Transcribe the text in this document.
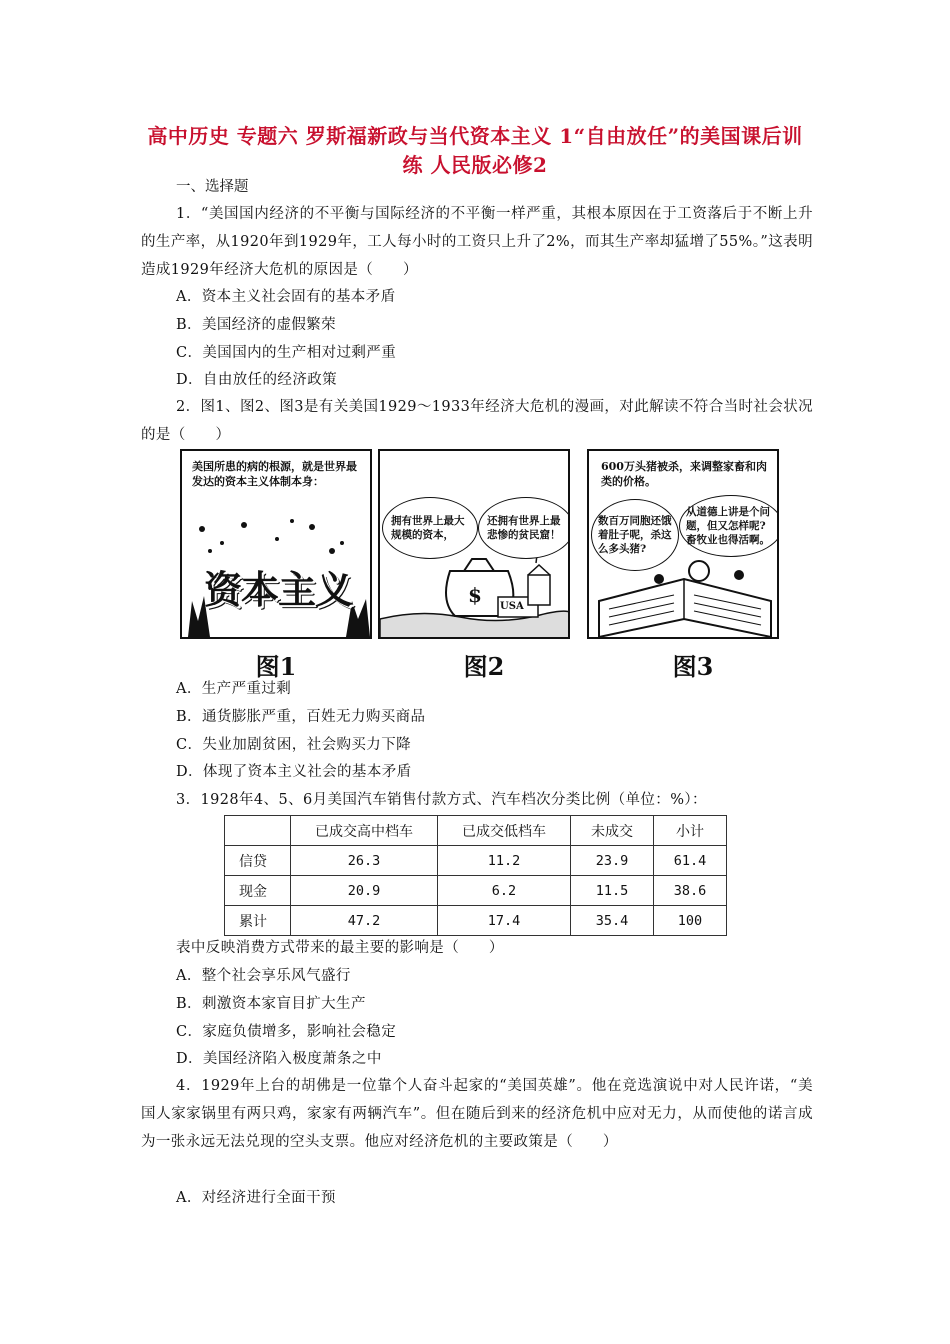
高中历史 专题六 罗斯福新政与当代资本主义 1“自由放任”的美国课后训练 人民版必修2
一、选择题
1．“美国国内经济的不平衡与国际经济的不平衡一样严重，其根本原因在于工资落后于不断上升的生产率，从1920年到1929年，工人每小时的工资只上升了2%，而其生产率却猛增了55%。”这表明造成1929年经济大危机的原因是（　　）
A．资本主义社会固有的基本矛盾
B．美国经济的虚假繁荣
C．美国国内的生产相对过剩严重
D．自由放任的经济政策
2．图1、图2、图3是有关美国1929～1933年经济大危机的漫画，对此解读不符合当时社会状况的是（　　）
美国所患的病的根源，就是世界最发达的资本主义体制本身：
资本主义	$ USA
拥有世界上最大规模的资本，
还拥有世界上最悲惨的贫民窟！
600万头猪被杀，来调整家畜和肉类的价格。
数百万同胞还饿着肚子呢，杀这么多头猪?
从道德上讲是个问题，但又怎样呢?畜牧业也得活啊。
图1	图2	图3
A．生产严重过剩
B．通货膨胀严重，百姓无力购买商品
C．失业加剧贫困，社会购买力下降
D．体现了资本主义社会的基本矛盾
3．1928年4、5、6月美国汽车销售付款方式、汽车档次分类比例（单位：%）：
	已成交高中档车	已成交低档车	未成交	小计
信贷	26.3	11.2	23.9	61.4
现金	20.9	6.2	11.5	38.6
累计	47.2	17.4	35.4	100
表中反映消费方式带来的最主要的影响是（　　）
A．整个社会享乐风气盛行
B．刺激资本家盲目扩大生产
C．家庭负债增多，影响社会稳定
D．美国经济陷入极度萧条之中
4．1929年上台的胡佛是一位靠个人奋斗起家的“美国英雄”。他在竞选演说中对人民许诺，“美国人家家锅里有两只鸡，家家有两辆汽车”。但在随后到来的经济危机中应对无力，从而使他的诺言成为一张永远无法兑现的空头支票。他应对经济危机的主要政策是（　　）
A．对经济进行全面干预
